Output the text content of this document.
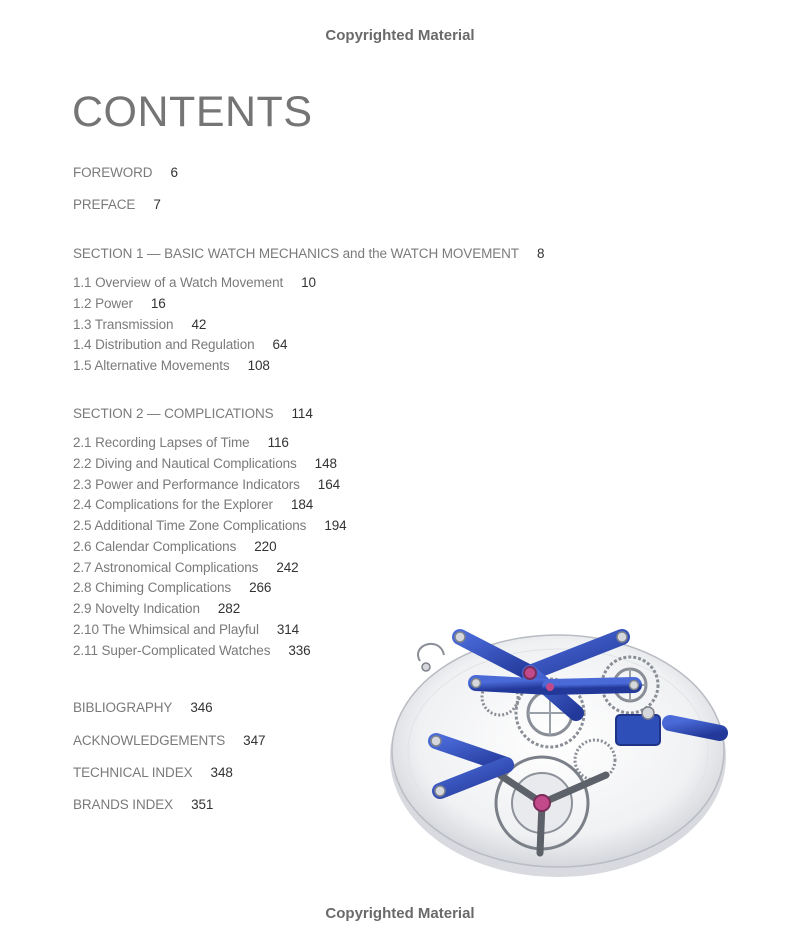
Copyrighted Material
CONTENTS
FOREWORD 6
PREFACE 7
SECTION 1 — BASIC WATCH MECHANICS and the WATCH MOVEMENT 8
1.1 Overview of a Watch Movement 10
1.2 Power 16
1.3 Transmission 42
1.4 Distribution and Regulation 64
1.5 Alternative Movements 108
SECTION 2 — COMPLICATIONS 114
2.1 Recording Lapses of Time 116
2.2 Diving and Nautical Complications 148
2.3 Power and Performance Indicators 164
2.4 Complications for the Explorer 184
2.5 Additional Time Zone Complications 194
2.6 Calendar Complications 220
2.7 Astronomical Complications 242
2.8 Chiming Complications 266
2.9 Novelty Indication 282
2.10 The Whimsical and Playful 314
2.11 Super-Complicated Watches 336
BIBLIOGRAPHY 346
ACKNOWLEDGEMENTS 347
TECHNICAL INDEX 348
BRANDS INDEX 351
Copyrighted Material
